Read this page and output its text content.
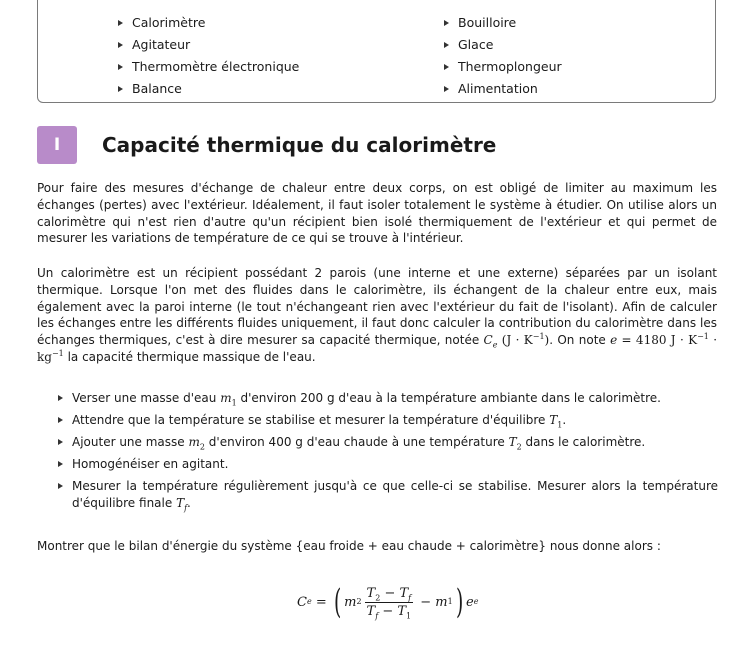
Calorimètre
Agitateur
Thermomètre électronique
Balance
Bouilloire
Glace
Thermoplongeur
Alimentation
I	Capacité thermique du calorimètre

Pour faire des mesures d'échange de chaleur entre deux corps, on est obligé de limiter au maximum les échanges (pertes) avec l'extérieur. Idéalement, il faut isoler totalement le système à étudier. On utilise alors un calorimètre qui n'est rien d'autre qu'un récipient bien isolé thermiquement de l'extérieur et qui permet de mesurer les variations de température de ce qui se trouve à l'intérieur.

Un calorimètre est un récipient possédant 2 parois (une interne et une externe) séparées par un isolant thermique. Lorsque l'on met des fluides dans le calorimètre, ils échangent de la chaleur entre eux, mais également avec la paroi interne (le tout n'échangeant rien avec l'extérieur du fait de l'isolant). Afin de calculer les échanges entre les différents fluides uniquement, il faut donc calculer la contribution du calorimètre dans les échanges thermiques, c'est à dire mesurer sa capacité thermique, notée $C_e$ $(J \cdot K^{-1})$. On note e = 4180 $J \cdot K^{-1} \cdot kg^{-1}$ la capacité thermique massique de l'eau.

Verser une masse d'eau $m_1$ d'environ 200 g d'eau à la température ambiante dans le calorimètre.
Attendre que la température se stabilise et mesurer la température d'équilibre $T_1$.
Ajouter une masse $m_2$ d'environ 400 g d'eau chaude à une température $T_2$ dans le calorimètre.
Homogénéiser en agitant.
Mesurer la température régulièrement jusqu'à ce que celle-ci se stabilise. Mesurer alors la température d'équilibre finale $T_f$.

Montrer que le bilan d'énergie du système {eau froide + eau chaude + calorimètre} nous donne alors :

C e = ( m $2 \frac{T_2 - T_f}{T_f - T_1} - m$ 1 ) e e
